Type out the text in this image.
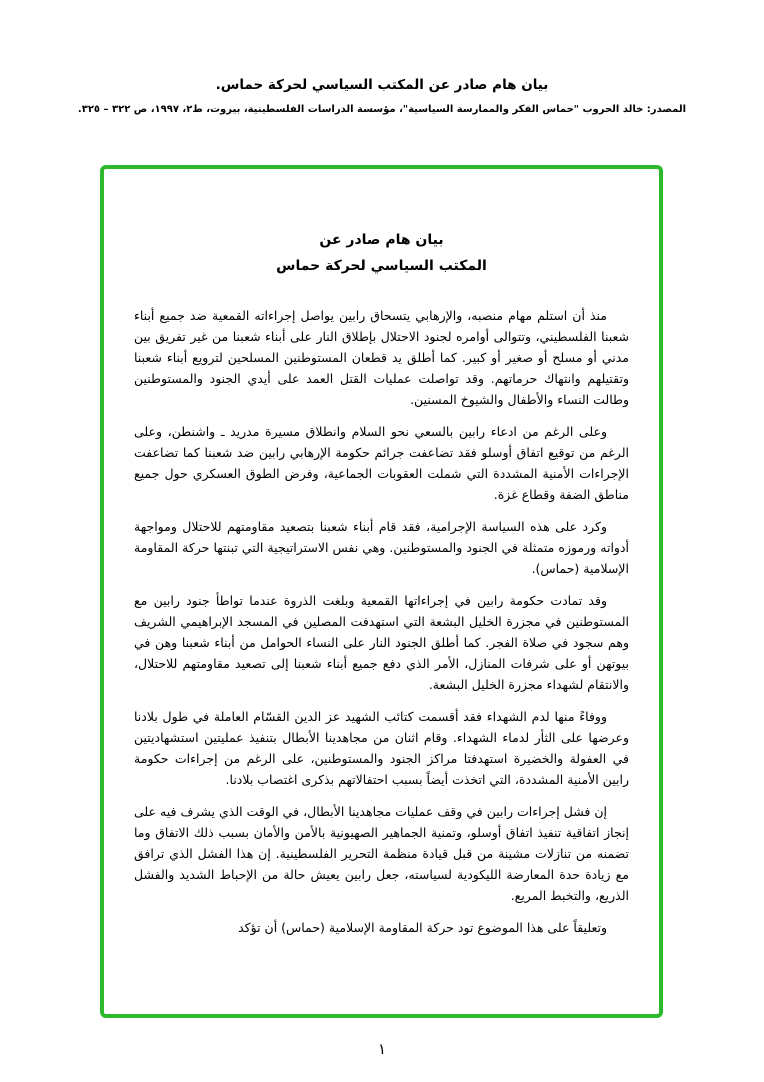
بيان هام صادر عن المكتب السياسي لحركة حماس.
المصدر: خالد الحروب "حماس الفكر والممارسة السياسية"، مؤسسة الدراسات الفلسطينية، بيروت، ط٢، ١٩٩٧، ص ٣٢٢ – ٣٢٥.
بيان هام صادر عن
المكتب السياسي لحركة حماس

منذ أن استلم مهام منصبه، والإرهابي يتسحاق رابين يواصل إجراءاته القمعية ضد جميع أبناء شعبنا الفلسطيني، وتتوالى أوامره لجنود الاحتلال بإطلاق النار على أبناء شعبنا من غير تفريق بين مدني أو مسلح أو صغير أو كبير. كما أطلق يد قطعان المستوطنين المسلحين لترويع أبناء شعبنا وتقتيلهم وانتهاك حرماتهم. وقد تواصلت عمليات القتل العمد على أيدي الجنود والمستوطنين وطالت النساء والأطفال والشيوخ المسنين.

وعلى الرغم من ادعاء رابين بالسعي نحو السلام وانطلاق مسيرة مدريد ـ واشنطن، وعلى الرغم من توقيع اتفاق أوسلو فقد تضاعفت جرائم حكومة الإرهابي رابين ضد شعبنا كما تضاعفت الإجراءات الأمنية المشددة التي شملت العقوبات الجماعية، وفرض الطوق العسكري حول جميع مناطق الضفة وقطاع غزة.

وكرد على هذه السياسة الإجرامية، فقد قام أبناء شعبنا بتصعيد مقاومتهم للاحتلال ومواجهة أدواته ورموزه متمثلة في الجنود والمستوطنين. وهي نفس الاستراتيجية التي تبنتها حركة المقاومة الإسلامية (حماس).

وقد تمادت حكومة رابين في إجراءاتها القمعية وبلغت الذروة عندما تواطأ جنود رابين مع المستوطنين في مجزرة الخليل البشعة التي استهدفت المصلين في المسجد الإبراهيمي الشريف وهم سجود في صلاة الفجر. كما أطلق الجنود النار على النساء الحوامل من أبناء شعبنا وهن في بيوتهن أو على شرفات المنازل، الأمر الذي دفع جميع أبناء شعبنا إلى تصعيد مقاومتهم للاحتلال، والانتقام لشهداء مجزرة الخليل البشعة.

ووفاءً منها لدم الشهداء فقد أقسمت كتائب الشهيد عز الدين القسّام العاملة في طول بلادنا وعرضها على الثأر لدماء الشهداء. وقام اثنان من مجاهدينا الأبطال بتنفيذ عمليتين استشهاديتين في العفولة والخضيرة استهدفتا مراكز الجنود والمستوطنين، على الرغم من إجراءات حكومة رابين الأمنية المشددة، التي اتخذت أيضاً بسبب احتفالاتهم بذكرى اغتصاب بلادنا.

إن فشل إجراءات رابين في وقف عمليات مجاهدينا الأبطال، في الوقت الذي يشرف فيه على إنجاز اتفاقية تنفيذ اتفاق أوسلو، وتمنية الجماهير الصهيونية بالأمن والأمان بسبب ذلك الاتفاق وما تضمنه من تنازلات مشينة من قبل قيادة منظمة التحرير الفلسطينية. إن هذا الفشل الذي ترافق مع زيادة حدة المعارضة الليكودية لسياسته، جعل رابين يعيش حالة من الإحباط الشديد والفشل الذريع، والتخبط المريع.

وتعليقاً على هذا الموضوع تود حركة المقاومة الإسلامية (حماس) أن تؤكد

١
